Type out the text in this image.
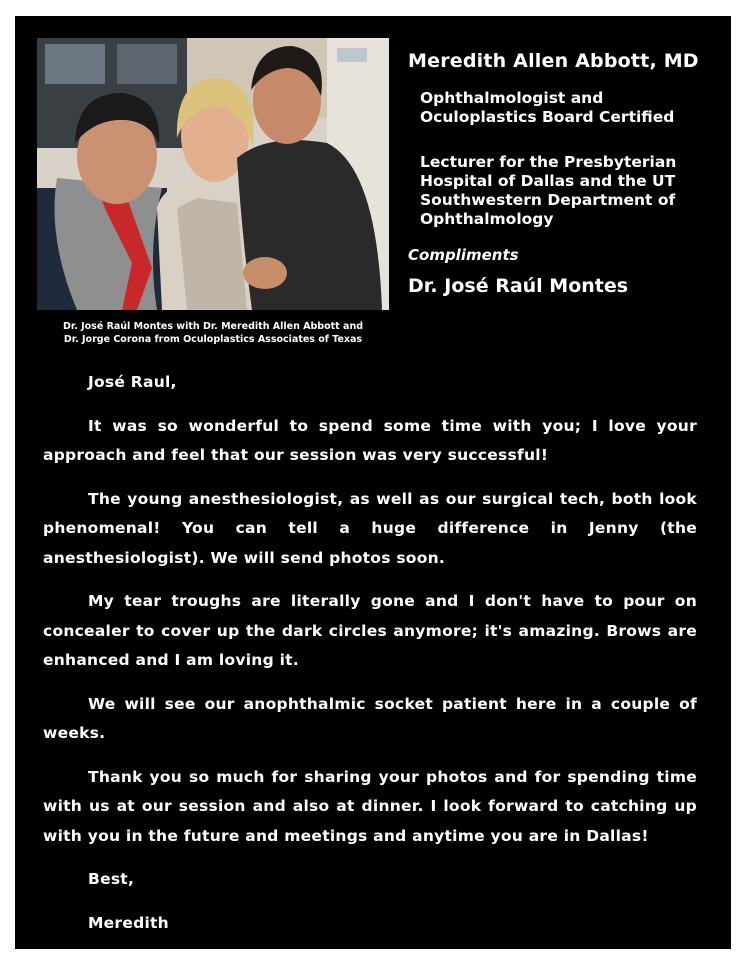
Dr. José Raúl Montes with Dr. Meredith Allen Abbott and
Dr. Jorge Corona from Oculoplastics Associates of Texas
Meredith Allen Abbott, MD
Ophthalmologist and
Oculoplastics Board Certified
Lecturer for the Presbyterian
Hospital of Dallas and the UT
Southwestern Department of
Ophthalmology
Compliments
Dr. José Raúl Montes

José Raul,

It was so wonderful to spend some time with you; I love your approach and feel that our session was very successful!

The young anesthesiologist, as well as our surgical tech, both look phenomenal! You can tell a huge difference in Jenny (the anesthesiologist). We will send photos soon.

My tear troughs are literally gone and I don't have to pour on concealer to cover up the dark circles anymore; it's amazing. Brows are enhanced and I am loving it.

We will see our anophthalmic socket patient here in a couple of weeks.

Thank you so much for sharing your photos and for spending time with us at our session and also at dinner. I look forward to catching up with you in the future and meetings and anytime you are in Dallas!

Best,

Meredith
